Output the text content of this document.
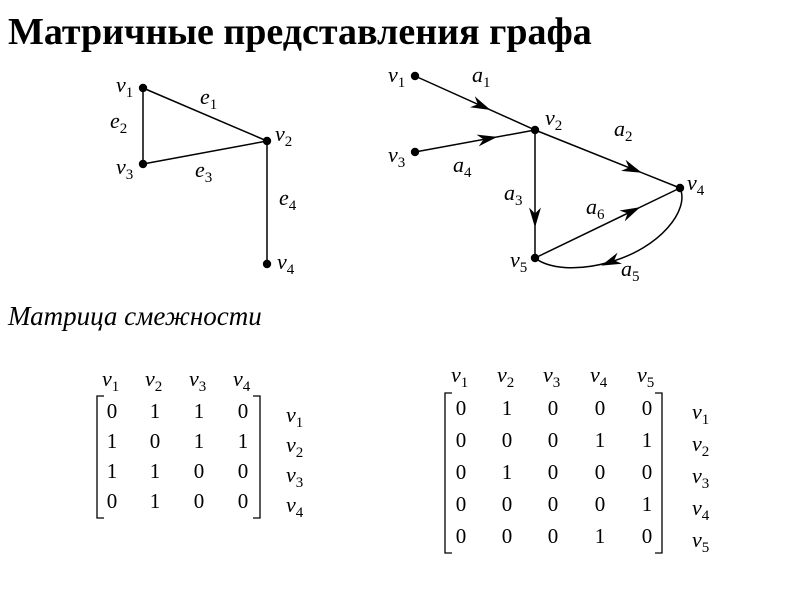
Матричные представления графа
Матрица смежности
$v_1$
$v_2$
$v_3$
$v_4$
$e_1$
$e_2$
$e_3$
$e_4$
$v_1$
$v_2$
$v_3$
$v_4$
$v_5$
$a_1$
$a_2$
$a_3$
$a_4$
$a_5$
$a_6$
$v_1$ $v_2$ $v_3$ $v_4$
0 1 1 0 $v_1$
1 0 1 1 $v_2$
1 1 0 0 $v_3$
0 1 0 0 $v_4$
$v_1$ $v_2$ $v_3$ $v_4$ $v_5$
0 1 0 0 0 $v_1$
0 0 0 1 1 $v_2$
0 1 0 0 0 $v_3$
0 0 0 0 1 $v_4$
0 0 0 1 0 $v_5$
